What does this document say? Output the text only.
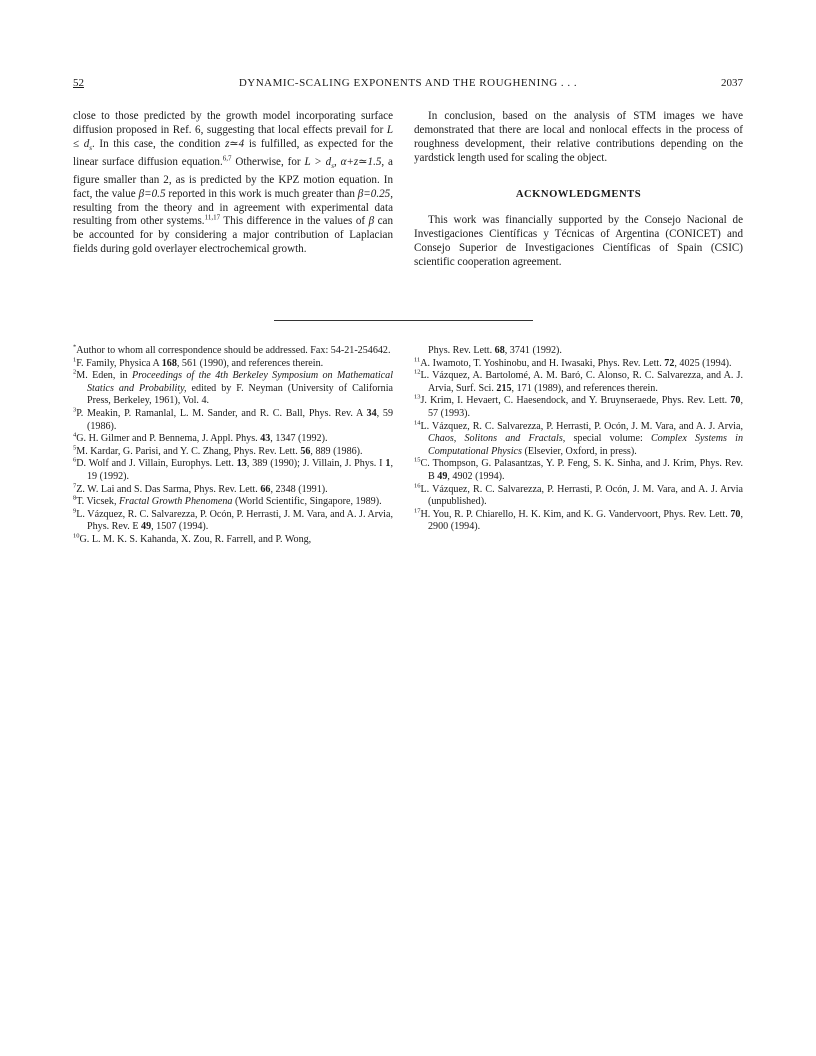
52	DYNAMIC-SCALING EXPONENTS AND THE ROUGHENING . . .	2037

close to those predicted by the growth model incorporating surface diffusion proposed in Ref. 6, suggesting that local effects prevail for $L \le d_s$. In this case, the condition z≃4 is fulfilled, as expected for the linear surface diffusion equation.$^{6,7}$ Otherwise, for $L > d_s$, α+z≃1.5, a figure smaller than 2, as is predicted by the KPZ motion equation. In fact, the value β=0.5 reported in this work is much greater than β=0.25, resulting from the theory and in agreement with experimental data resulting from other systems.$^{11,17}$ This difference in the values of β can be accounted for by considering a major contribution of Laplacian fields during gold overlayer electrochemical growth.

In conclusion, based on the analysis of STM images we have demonstrated that there are local and nonlocal effects in the process of roughness development, their relative contributions depending on the yardstick length used for scaling the object.

ACKNOWLEDGMENTS

This work was financially supported by the Consejo Nacional de Investigaciones Científicas y Técnicas of Argentina (CONICET) and Consejo Superior de Investigaciones Científicas of Spain (CSIC) scientific cooperation agreement.

*Author to whom all correspondence should be addressed. Fax: 54-21-254642.

$^1$F. Family, Physica A 168, 561 (1990), and references therein.

$^2$M. Eden, in Proceedings of the 4th Berkeley Symposium on Mathematical Statics and Probability, edited by F. Neyman (University of California Press, Berkeley, 1961), Vol. 4.

$^3$P. Meakin, P. Ramanlal, L. M. Sander, and R. C. Ball, Phys. Rev. A 34, 59 (1986).

$^4$G. H. Gilmer and P. Bennema, J. Appl. Phys. 43, 1347 (1992).

$^5$M. Kardar, G. Parisi, and Y. C. Zhang, Phys. Rev. Lett. 56, 889 (1986).

$^6$D. Wolf and J. Villain, Europhys. Lett. 13, 389 (1990); J. Villain, J. Phys. I 1, 19 (1992).

$^7$Z. W. Lai and S. Das Sarma, Phys. Rev. Lett. 66, 2348 (1991).

$^8$T. Vicsek, Fractal Growth Phenomena (World Scientific, Singapore, 1989).

$^9$L. Vázquez, R. C. Salvarezza, P. Ocón, P. Herrasti, J. M. Vara, and A. J. Arvia, Phys. Rev. E 49, 1507 (1994).

$^{10}$G. L. M. K. S. Kahanda, X. Zou, R. Farrell, and P. Wong,

Phys. Rev. Lett. 68, 3741 (1992).

$^{11}$A. Iwamoto, T. Yoshinobu, and H. Iwasaki, Phys. Rev. Lett. 72, 4025 (1994).

$^{12}$L. Vázquez, A. Bartolomé, A. M. Baró, C. Alonso, R. C. Salvarezza, and A. J. Arvia, Surf. Sci. 215, 171 (1989), and references therein.

$^{13}$J. Krim, I. Hevaert, C. Haesendock, and Y. Bruynseraede, Phys. Rev. Lett. 70, 57 (1993).

$^{14}$L. Vázquez, R. C. Salvarezza, P. Herrasti, P. Ocón, J. M. Vara, and A. J. Arvia, Chaos, Solitons and Fractals, special volume: Complex Systems in Computational Physics (Elsevier, Oxford, in press).

$^{15}$C. Thompson, G. Palasantzas, Y. P. Feng, S. K. Sinha, and J. Krim, Phys. Rev. B 49, 4902 (1994).

$^{16}$L. Vázquez, R. C. Salvarezza, P. Herrasti, P. Ocón, J. M. Vara, and A. J. Arvia (unpublished).

$^{17}$H. You, R. P. Chiarello, H. K. Kim, and K. G. Vandervoort, Phys. Rev. Lett. 70, 2900 (1994).
